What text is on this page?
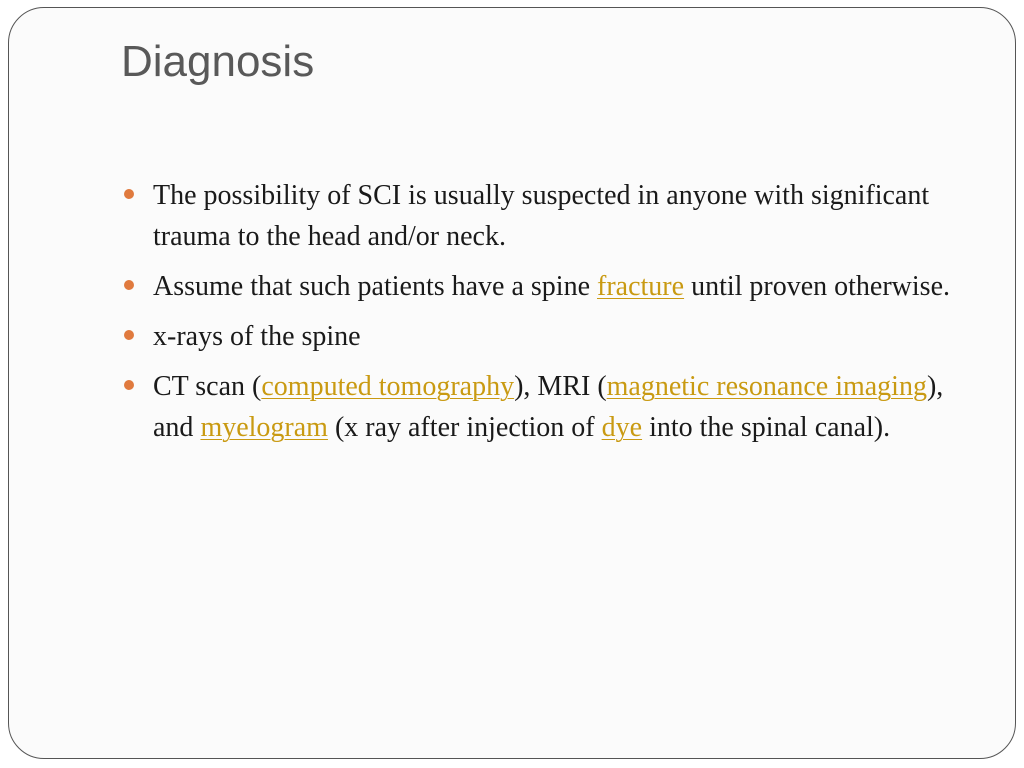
Diagnosis
The possibility of SCI is usually suspected in anyone with significant trauma to the head and/or neck.
Assume that such patients have a spine fracture until proven otherwise.
x-rays of the spine
CT scan (computed tomography), MRI (magnetic resonance imaging), and myelogram (x ray after injection of dye into the spinal canal).
